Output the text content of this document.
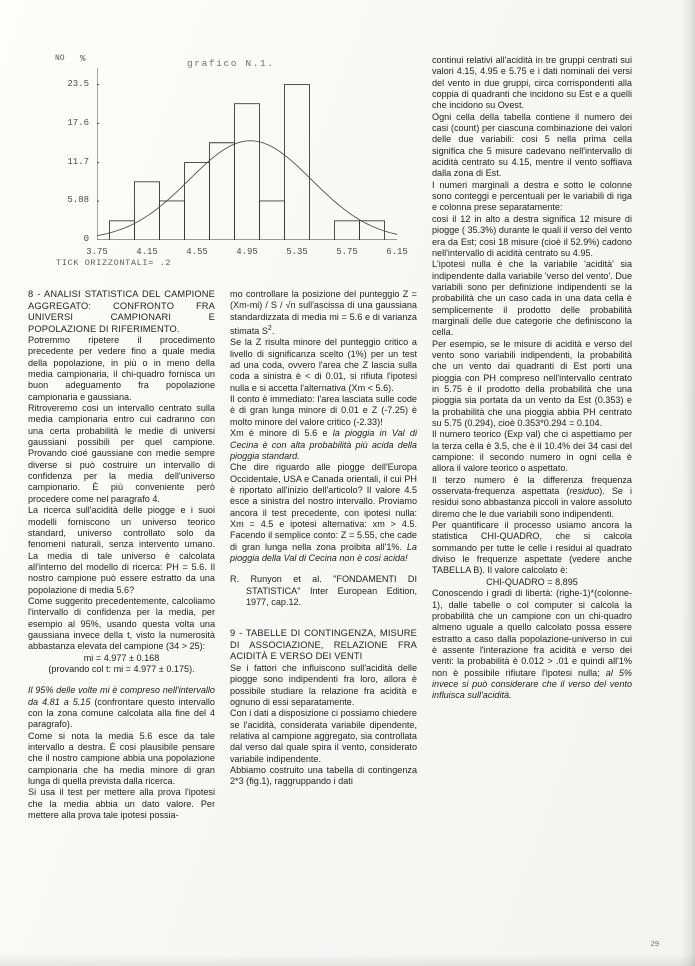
NO %	grafico N.1.
0
5.88
11.7
17.6
23.5
3.75	4.15	4.55	4.95	5.35	5.75	6.15
TICK ORIZZONTALI= .2

8 - ANALISI STATISTICA DEL CAMPIONE AGGREGATO: CONFRONTO FRA UNIVERSI CAMPIONARI E POPOLAZIONE DI RIFERIMENTO.

Potremmo ripetere il procedimento precedente per vedere fino a quale media della popolazione, in più o in meno della media campionaria, il chi-quadro fornisca un buon adeguamento fra popolazione campionaria e gaussiana.

Ritroveremo cosi un intervallo centrato sulla media campionaria entro cui cadranno con una certa probabilità le medie di universi gaussiani possibili per quel campione. Provando cioé gaussiane con medie sempre diverse si può costruire un intervallo di confidenza per la media dell'universo campionario. È più conveniente però procedere come nel paragrafo 4.

La ricerca sull'acidità delle piogge e i suoi modelli forniscono un universo teorico standard, universo controllato solo da fenomeni naturali, senza intervento umano. La media di tale universo è calcolata all'interno del modello di ricerca: PH = 5.6. Il nostro campione può essere estratto da una popolazione di media 5.6?

Come suggerito precedentemente, calcoliamo l'intervallo di confidenza per la media, per esempio al 95%, usando questa volta una gaussiana invece della t, visto la numerosità abbastanza elevata del campione (34 > 25):

mi = 4.977 ± 0.168

(provando col t: mi = 4.977 ± 0.175).

Il 95% delle volte mi è compreso nell'intervallo da 4.81 a 5.15 (confrontare questo intervallo con la zona comune calcolata alla fine del 4 paragrafo).

Come si nota la media 5.6 esce da tale intervallo a destra. È cosi plausibile pensare che il nostro campione abbia una popolazione campionaria che ha media minore di gran lunga di quella prevista dalla ricerca.

Si usa il test per mettere alla prova l'ipotesi che la media abbia un dato valore. Per mettere alla prova tale ipotesi possia-

mo controllare la posizione del punteggio Z = (Xm-mi) / S / √n sull'ascissa di una gaussiana standardizzata di media mi = 5.6 e di varianza stimata $S^2$.

Se la Z risulta minore del punteggio critico a livello di significanza scelto (1%) per un test ad una coda, ovvero l'area che Z lascia sulla coda a sinistra è < di 0.01, si rifiuta l'ipotesi nulla e si accetta l'alternativa (Xm < 5.6).

Il conto è immediato: l'area lasciata sulle code è di gran lunga minore di 0.01 e Z (-7.25) è molto minore del valore critico (-2.33)!

Xm è minore di 5.6 e la pioggia in Val di Cecina è con alta probabilità più acida della pioggia standard.

Che dire riguardo alle piogge dell'Europa Occidentale, USA e Canada orientali, il cui PH è riportato all'inizio dell'articolo? Il valore 4.5 esce a sinistra del nostro intervallo. Proviamo ancora il test precedente, con ipotesi nulla: Xm = 4.5 e ipotesi alternativa: xm > 4.5. Facendo il semplice conto: Z = 5.55, che cade di gran lunga nella zona proibita all'1%. La pioggia della Val di Cecina non è cosi acida!

R. Runyon et al. "FONDAMENTI DI STATISTICA" Inter European Edition, 1977, cap.12.

9 - TABELLE DI CONTINGENZA, MISURE DI ASSOCIAZIONE, RELAZIONE FRA ACIDITÀ E VERSO DEI VENTI

Se i fattori che influiscono sull'acidità delle piogge sono indipendenti fra loro, allora è possibile studiare la relazione fra acidità e ognuno di essi separatamente.

Con i dati a disposizione ci possiamo chiedere se l'acidità, considerata variabile dipendente, relativa al campione aggregato, sia controllata dal verso dal quale spira il vento, considerato variabile indipendente.

Abbiamo costruito una tabella di contingenza 2*3 (fig.1), raggruppando i dati

continui relativi all'acidità in tre gruppi centrati sui valori 4.15, 4.95 e 5.75 e i dati nominali dei versi del vento in due gruppi, circa corrispondenti alla coppia di quadranti che incidono su Est e a quelli che incidono su Ovest.

Ogni cella della tabella contiene il numero dei casi (count) per ciascuna combinazione dei valori delle due variabili: cosi 5 nella prima cella significa che 5 misure cadevano nell'intervallo di acidità centrato su 4.15, mentre il vento soffiava dalla zona di Est.

I numeri marginali a destra e sotto le colonne sono conteggi e percentuali per le variabili di riga e colonna prese separatamente:

cosi il 12 in alto a destra significa 12 misure di piogge ( 35.3%) durante le quali il verso del vento era da Est; cosi 18 misure (cioè il 52.9%) cadono nell'intervallo di acidità centrato su 4.95.

L'ipotesi nulla è che la variabile 'acidità' sia indipendente dalla variabile 'verso del vento'. Due variabili sono per definizione indipendenti se la probabilità che un caso cada in una data cella è semplicemente il prodotto delle probabilità marginali delle due categorie che definiscono la cella.

Per esempio, se le misure di acidità e verso del vento sono variabili indipendenti, la probabilità che un vento dai quadranti di Est porti una pioggia con PH compreso nell'intervallo centrato in 5.75 è il prodotto della probabilità che una pioggia sia portata da un vento da Est (0.353) e la probabilità che una pioggia abbia PH centrato su 5.75 (0.294), cioè 0.353*0.294 = 0.104.

Il numero teorico (Exp val) che ci aspettiamo per la terza cella è 3.5, che è il 10.4% dei 34 casi del campione: il secondo numero in ogni cella è allora il valore teorico o aspettato.

Il terzo numero è la differenza frequenza osservata-frequenza aspettata (residuo). Se i residui sono abbastanza piccoli in valore assoluto diremo che le due variabili sono indipendenti.

Per quantificare il processo usiamo ancora la statistica CHI-QUADRO, che si calcola sommando per tutte le celle i residui al quadrato diviso le frequenze aspettate (vedere anche TABELLA B). Il valore calcolato è:

CHI-QUADRO = 8.895

Conoscendo i gradi di libertà: (righe-1)*(colonne-1), dalle tabelle o col computer si calcola la probabilità che un campione con un chi-quadro almeno uguale a quello calcolato possa essere estratto a caso dalla popolazione-universo in cui è assente l'interazione fra acidità e verso dei venti: la probabilità è 0.012 > .01 e quindi all'1% non è possibile rifiutare l'ipotesi nulla; al 5% invece si può considerare che il verso del vento influisca sull'acidità.

29
